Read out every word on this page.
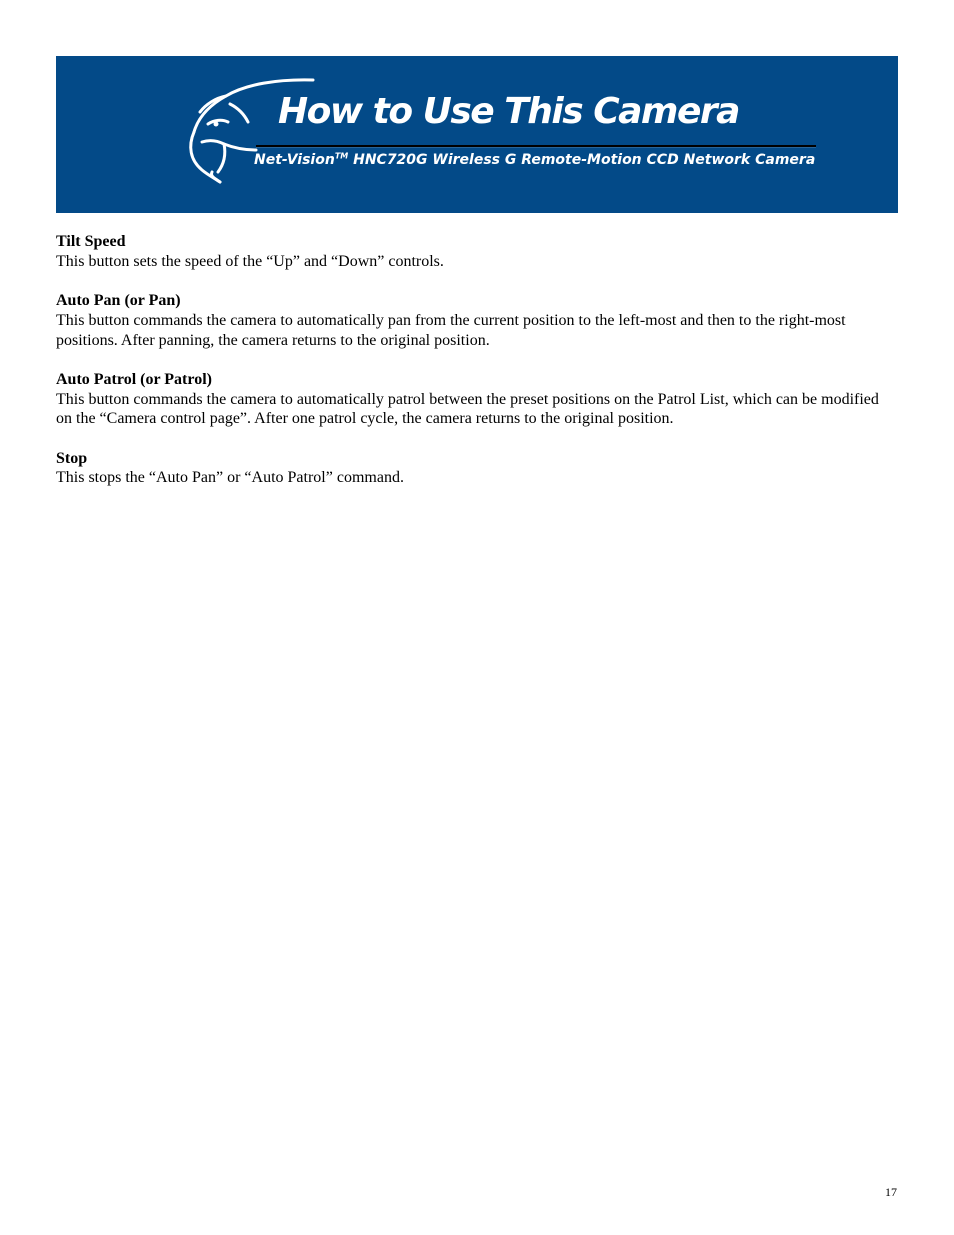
How to Use This Camera
Net-Vision™ HNC720G Wireless G Remote-Motion CCD Network Camera
Tilt Speed

This button sets the speed of the “Up” and “Down” controls.

Auto Pan (or Pan)

This button commands the camera to automatically pan from the current position to the left-most and then to the right-most positions. After panning, the camera returns to the original position.

Auto Patrol (or Patrol)

This button commands the camera to automatically patrol between the preset positions on the Patrol List, which can be modified on the “Camera control page”. After one patrol cycle, the camera returns to the original position.

Stop

This stops the “Auto Pan” or “Auto Patrol” command.

17
